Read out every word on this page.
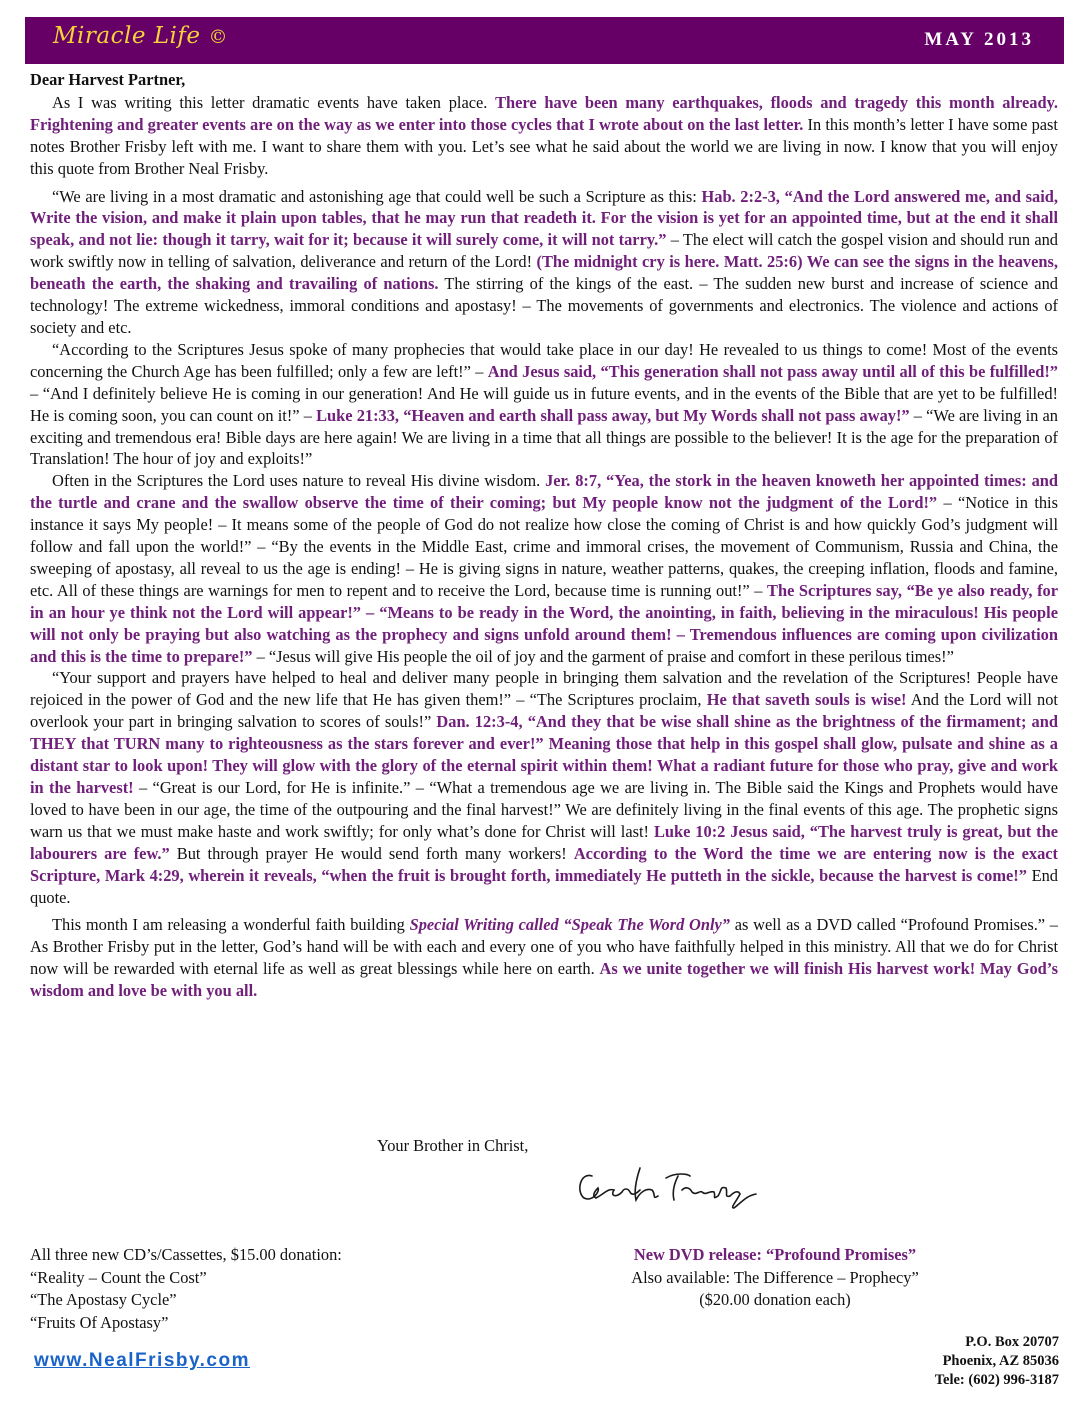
Miracle Life ©	MAY 2013

Dear Harvest Partner,

As I was writing this letter dramatic events have taken place. There have been many earthquakes, floods and tragedy this month already. Frightening and greater events are on the way as we enter into those cycles that I wrote about on the last letter. In this month’s letter I have some past notes Brother Frisby left with me. I want to share them with you. Let’s see what he said about the world we are living in now. I know that you will enjoy this quote from Brother Neal Frisby.

“We are living in a most dramatic and astonishing age that could well be such a Scripture as this: Hab. 2:2-3, “And the Lord answered me, and said, Write the vision, and make it plain upon tables, that he may run that readeth it. For the vision is yet for an appointed time, but at the end it shall speak, and not lie: though it tarry, wait for it; because it will surely come, it will not tarry.” – The elect will catch the gospel vision and should run and work swiftly now in telling of salvation, deliverance and return of the Lord! (The midnight cry is here. Matt. 25:6) We can see the signs in the heavens, beneath the earth, the shaking and travailing of nations. The stirring of the kings of the east. – The sudden new burst and increase of science and technology! The extreme wickedness, immoral conditions and apostasy! – The movements of governments and electronics. The violence and actions of society and etc.

“According to the Scriptures Jesus spoke of many prophecies that would take place in our day! He revealed to us things to come! Most of the events concerning the Church Age has been fulfilled; only a few are left!” – And Jesus said, “This generation shall not pass away until all of this be fulfilled!” – “And I definitely believe He is coming in our generation! And He will guide us in future events, and in the events of the Bible that are yet to be fulfilled! He is coming soon, you can count on it!” – Luke 21:33, “Heaven and earth shall pass away, but My Words shall not pass away!” – “We are living in an exciting and tremendous era! Bible days are here again! We are living in a time that all things are possible to the believer! It is the age for the preparation of Translation! The hour of joy and exploits!”

Often in the Scriptures the Lord uses nature to reveal His divine wisdom. Jer. 8:7, “Yea, the stork in the heaven knoweth her appointed times: and the turtle and crane and the swallow observe the time of their coming; but My people know not the judgment of the Lord!” – “Notice in this instance it says My people! – It means some of the people of God do not realize how close the coming of Christ is and how quickly God’s judgment will follow and fall upon the world!” – “By the events in the Middle East, crime and immoral crises, the movement of Communism, Russia and China, the sweeping of apostasy, all reveal to us the age is ending! – He is giving signs in nature, weather patterns, quakes, the creeping inflation, floods and famine, etc. All of these things are warnings for men to repent and to receive the Lord, because time is running out!” – The Scriptures say, “Be ye also ready, for in an hour ye think not the Lord will appear!” – “Means to be ready in the Word, the anointing, in faith, believing in the miraculous! His people will not only be praying but also watching as the prophecy and signs unfold around them! – Tremendous influences are coming upon civilization and this is the time to prepare!” – “Jesus will give His people the oil of joy and the garment of praise and comfort in these perilous times!”

“Your support and prayers have helped to heal and deliver many people in bringing them salvation and the revelation of the Scriptures! People have rejoiced in the power of God and the new life that He has given them!” – “The Scriptures proclaim, He that saveth souls is wise! And the Lord will not overlook your part in bringing salvation to scores of souls!” Dan. 12:3-4, “And they that be wise shall shine as the brightness of the firmament; and THEY that TURN many to righteousness as the stars forever and ever!” Meaning those that help in this gospel shall glow, pulsate and shine as a distant star to look upon! They will glow with the glory of the eternal spirit within them! What a radiant future for those who pray, give and work in the harvest! – “Great is our Lord, for He is infinite.” – “What a tremendous age we are living in. The Bible said the Kings and Prophets would have loved to have been in our age, the time of the outpouring and the final harvest!” We are definitely living in the final events of this age. The prophetic signs warn us that we must make haste and work swiftly; for only what’s done for Christ will last! Luke 10:2 Jesus said, “The harvest truly is great, but the labourers are few.” But through prayer He would send forth many workers! According to the Word the time we are entering now is the exact Scripture, Mark 4:29, wherein it reveals, “when the fruit is brought forth, immediately He putteth in the sickle, because the harvest is come!” End quote.

This month I am releasing a wonderful faith building Special Writing called “Speak The Word Only” as well as a DVD called “Profound Promises.” – As Brother Frisby put in the letter, God’s hand will be with each and every one of you who have faithfully helped in this ministry. All that we do for Christ now will be rewarded with eternal life as well as great blessings while here on earth. As we unite together we will finish His harvest work! May God’s wisdom and love be with you all.

Your Brother in Christ,
All three new CD’s/Cassettes, $15.00 donation:
“Reality – Count the Cost”
“The Apostasy Cycle”
“Fruits Of Apostasy”
New DVD release: “Profound Promises”
Also available: The Difference – Prophecy”
($20.00 donation each)
www.NealFrisby.com
P.O. Box 20707
Phoenix, AZ 85036
Tele: (602) 996-3187
